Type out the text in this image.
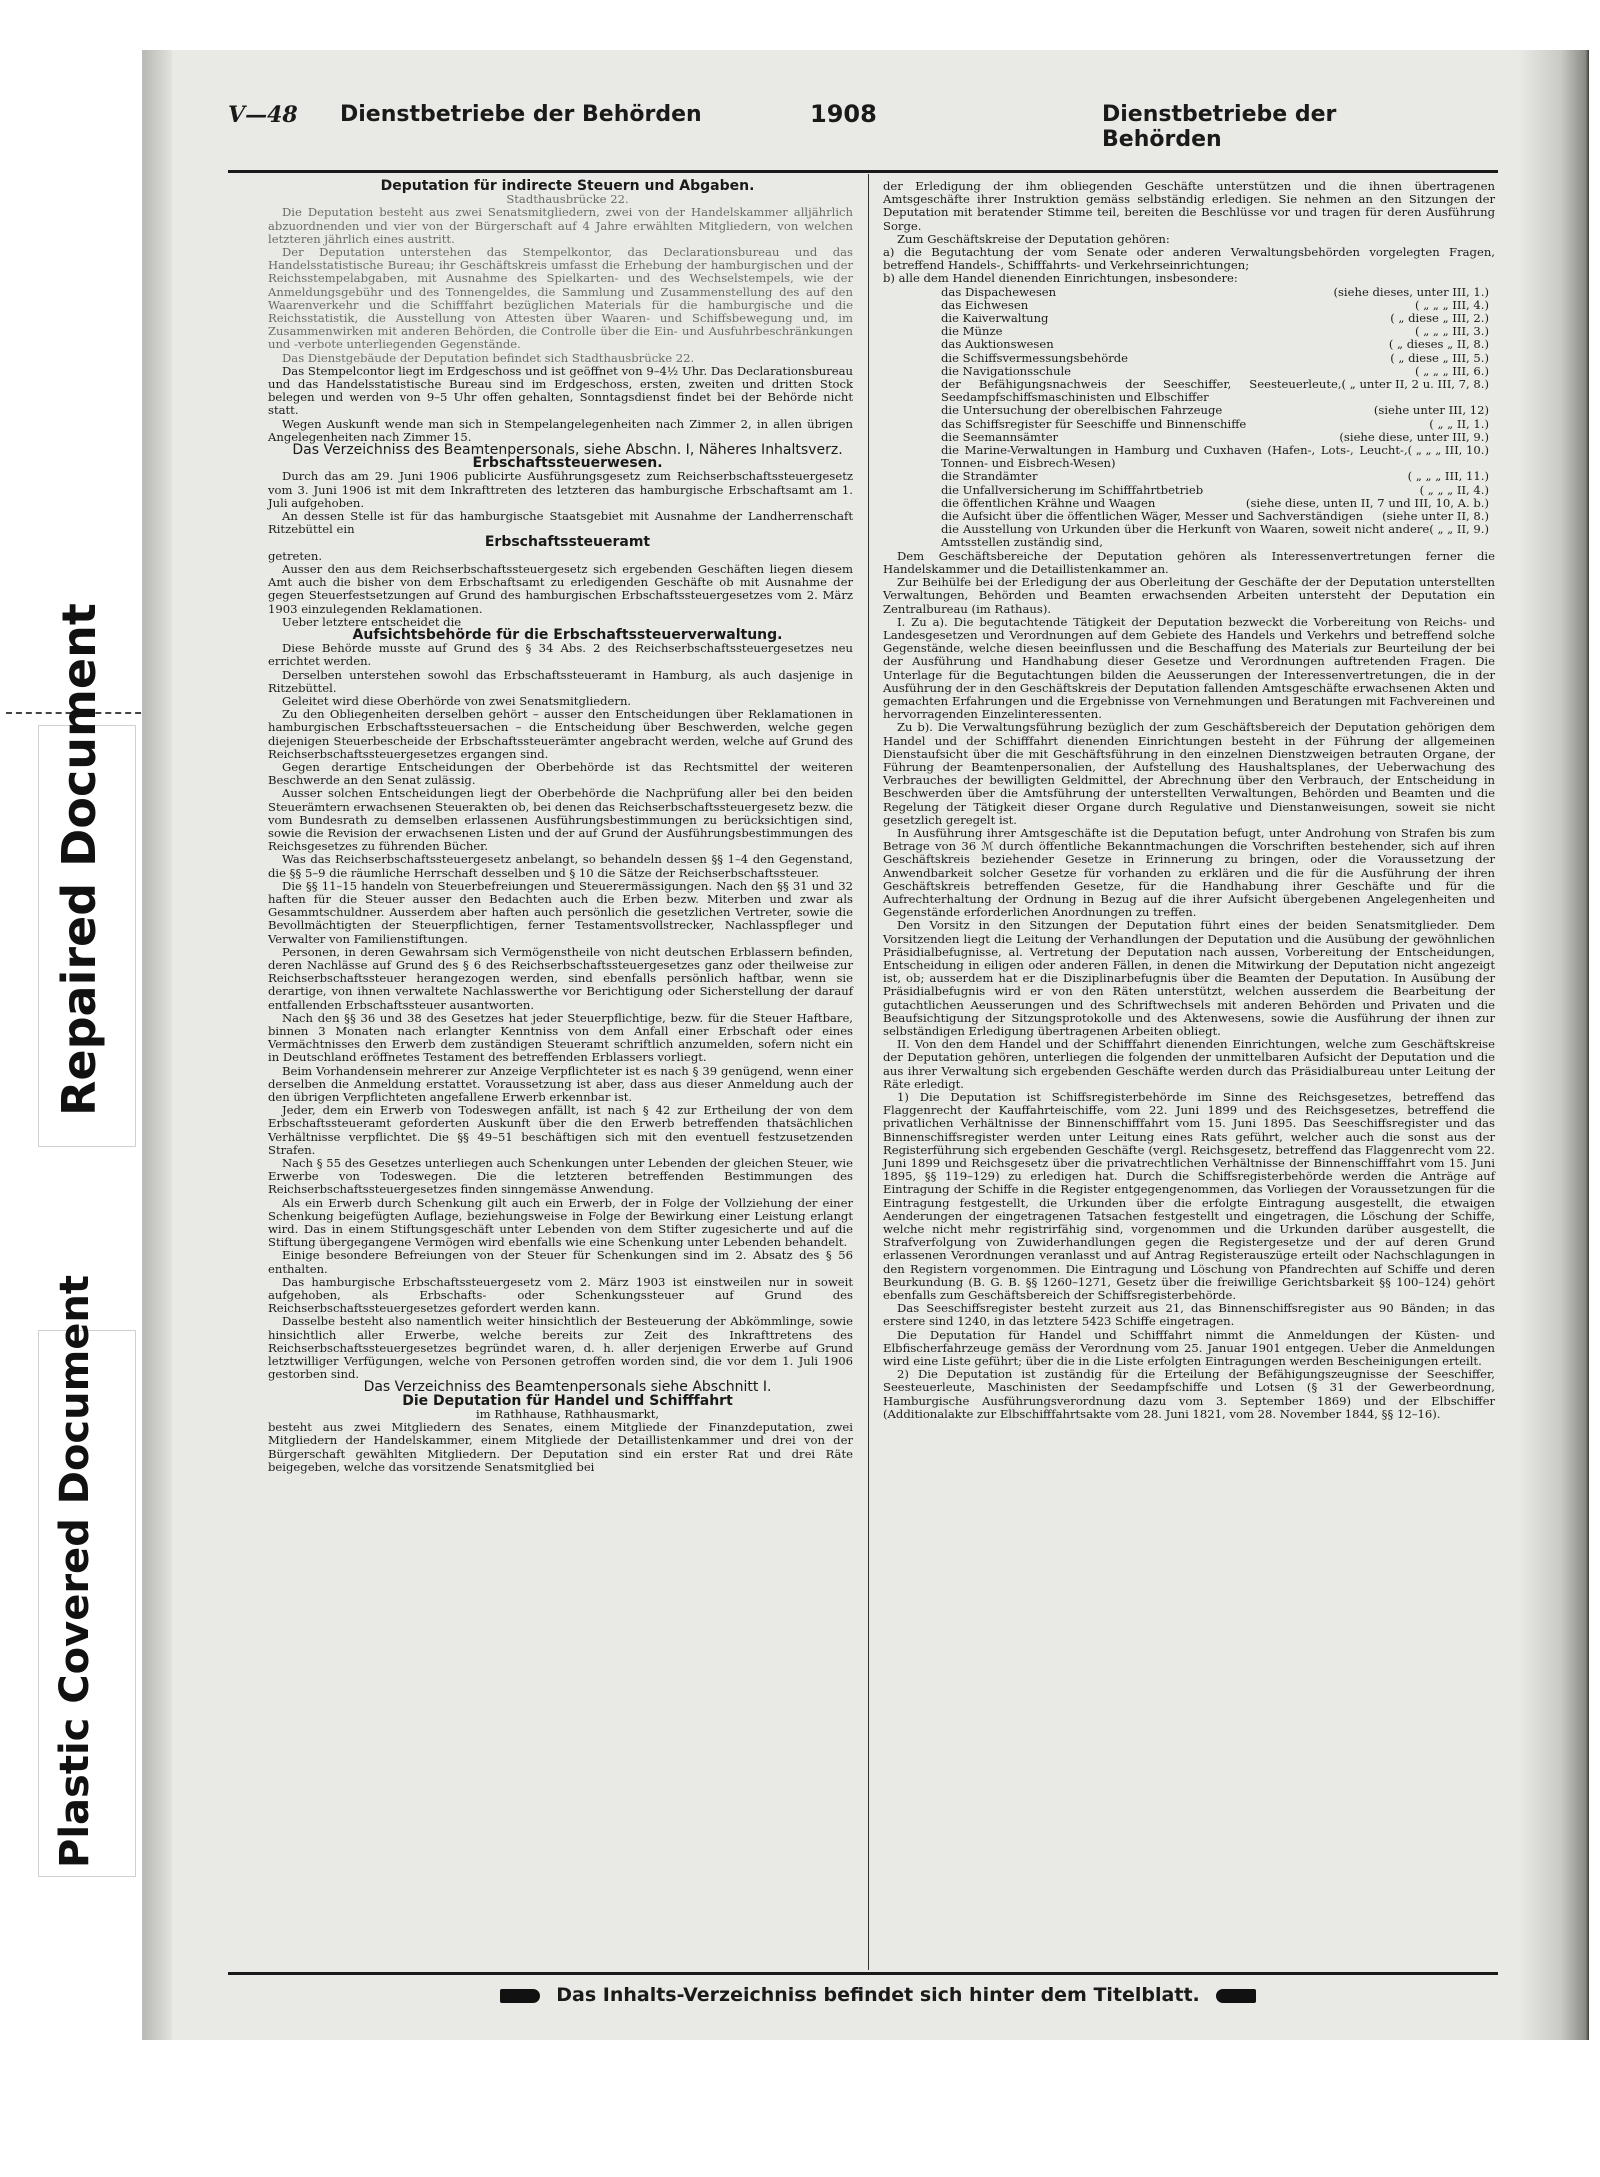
Repaired Document
Plastic Covered Document
V—48 Dienstbetriebe der Behörden	1908	Dienstbetriebe der Behörden

Deputation für indirecte Steuern und Abgaben.

Stadthausbrücke 22.

Die Deputation besteht aus zwei Senatsmitgliedern, zwei von der Handelskammer alljährlich abzuordnenden und vier von der Bürgerschaft auf 4 Jahre erwählten Mitgliedern, von welchen letzteren jährlich eines austritt.

Der Deputation unterstehen das Stempelkontor, das Declarationsbureau und das Handelsstatistische Bureau; ihr Geschäftskreis umfasst die Erhebung der hamburgischen und der Reichsstempelabgaben, mit Ausnahme des Spielkarten- und des Wechselstempels, wie der Anmeldungsgebühr und des Tonnengeldes, die Sammlung und Zusammenstellung des auf den Waarenverkehr und die Schifffahrt bezüglichen Materials für die hamburgische und die Reichsstatistik, die Ausstellung von Attesten über Waaren- und Schiffsbewegung und, im Zusammenwirken mit anderen Behörden, die Controlle über die Ein- und Ausfuhrbeschränkungen und -verbote unterliegenden Gegenstände.

Das Dienstgebäude der Deputation befindet sich Stadthausbrücke 22.

Das Stempelcontor liegt im Erdgeschoss und ist geöffnet von 9–4½ Uhr. Das Declarationsbureau und das Handelsstatistische Bureau sind im Erdgeschoss, ersten, zweiten und dritten Stock belegen und werden von 9–5 Uhr offen gehalten, Sonntagsdienst findet bei der Behörde nicht statt.

Wegen Auskunft wende man sich in Stempelangelegenheiten nach Zimmer 2, in allen übrigen Angelegenheiten nach Zimmer 15.

Das Verzeichniss des Beamtenpersonals, siehe Abschn. I, Näheres Inhaltsverz.

Erbschaftssteuerwesen.

Durch das am 29. Juni 1906 publicirte Ausführungsgesetz zum Reichserbschaftssteuergesetz vom 3. Juni 1906 ist mit dem Inkrafttreten des letzteren das hamburgische Erbschaftsamt am 1. Juli aufgehoben.

An dessen Stelle ist für das hamburgische Staatsgebiet mit Ausnahme der Landherrenschaft Ritzebüttel ein

Erbschaftssteueramt

getreten.

Ausser den aus dem Reichserbschaftssteuergesetz sich ergebenden Geschäften liegen diesem Amt auch die bisher von dem Erbschaftsamt zu erledigenden Geschäfte ob mit Ausnahme der gegen Steuerfestsetzungen auf Grund des hamburgischen Erbschaftssteuergesetzes vom 2. März 1903 einzulegenden Reklamationen.

Ueber letztere entscheidet die

Aufsichtsbehörde für die Erbschaftssteuerverwaltung.

Diese Behörde musste auf Grund des § 34 Abs. 2 des Reichserbschaftssteuergesetzes neu errichtet werden.

Derselben unterstehen sowohl das Erbschaftssteueramt in Hamburg, als auch dasjenige in Ritzebüttel.

Geleitet wird diese Oberhörde von zwei Senatsmitgliedern.

Zu den Obliegenheiten derselben gehört – ausser den Entscheidungen über Reklamationen in hamburgischen Erbschaftssteuersachen – die Entscheidung über Beschwerden, welche gegen diejenigen Steuerbescheide der Erbschaftssteuerämter angebracht werden, welche auf Grund des Reichserbschaftssteuergesetzes ergangen sind.

Gegen derartige Entscheidungen der Oberbehörde ist das Rechtsmittel der weiteren Beschwerde an den Senat zulässig.

Ausser solchen Entscheidungen liegt der Oberbehörde die Nachprüfung aller bei den beiden Steuerämtern erwachsenen Steuerakten ob, bei denen das Reichserbschaftssteuergesetz bezw. die vom Bundesrath zu demselben erlassenen Ausführungsbestimmungen zu berücksichtigen sind, sowie die Revision der erwachsenen Listen und der auf Grund der Ausführungsbestimmungen des Reichsgesetzes zu führenden Bücher.

Was das Reichserbschaftssteuergesetz anbelangt, so behandeln dessen §§ 1–4 den Gegenstand, die §§ 5–9 die räumliche Herrschaft desselben und § 10 die Sätze der Reichserbschaftssteuer.

Die §§ 11–15 handeln von Steuerbefreiungen und Steuerermässigungen. Nach den §§ 31 und 32 haften für die Steuer ausser den Bedachten auch die Erben bezw. Miterben und zwar als Gesammtschuldner. Ausserdem aber haften auch persönlich die gesetzlichen Vertreter, sowie die Bevollmächtigten der Steuerpflichtigen, ferner Testamentsvollstrecker, Nachlasspfleger und Verwalter von Familienstiftungen.

Personen, in deren Gewahrsam sich Vermögenstheile von nicht deutschen Erblassern befinden, deren Nachlässe auf Grund des § 6 des Reichserbschaftssteuergesetzes ganz oder theilweise zur Reichserbschaftssteuer herangezogen werden, sind ebenfalls persönlich haftbar, wenn sie derartige, von ihnen verwaltete Nachlasswerthe vor Berichtigung oder Sicherstellung der darauf entfallenden Erbschaftssteuer ausantworten.

Nach den §§ 36 und 38 des Gesetzes hat jeder Steuerpflichtige, bezw. für die Steuer Haftbare, binnen 3 Monaten nach erlangter Kenntniss von dem Anfall einer Erbschaft oder eines Vermächtnisses den Erwerb dem zuständigen Steueramt schriftlich anzumelden, sofern nicht ein in Deutschland eröffnetes Testament des betreffenden Erblassers vorliegt.

Beim Vorhandensein mehrerer zur Anzeige Verpflichteter ist es nach § 39 genügend, wenn einer derselben die Anmeldung erstattet. Voraussetzung ist aber, dass aus dieser Anmeldung auch der den übrigen Verpflichteten angefallene Erwerb erkennbar ist.

Jeder, dem ein Erwerb von Todeswegen anfällt, ist nach § 42 zur Ertheilung der von dem Erbschaftssteueramt geforderten Auskunft über die den Erwerb betreffenden thatsächlichen Verhältnisse verpflichtet. Die §§ 49–51 beschäftigen sich mit den eventuell festzusetzenden Strafen.

Nach § 55 des Gesetzes unterliegen auch Schenkungen unter Lebenden der gleichen Steuer, wie Erwerbe von Todeswegen. Die die letzteren betreffenden Bestimmungen des Reichserbschaftssteuergesetzes finden sinngemässe Anwendung.

Als ein Erwerb durch Schenkung gilt auch ein Erwerb, der in Folge der Vollziehung der einer Schenkung beigefügten Auflage, beziehungsweise in Folge der Bewirkung einer Leistung erlangt wird. Das in einem Stiftungsgeschäft unter Lebenden von dem Stifter zugesicherte und auf die Stiftung übergegangene Vermögen wird ebenfalls wie eine Schenkung unter Lebenden behandelt.

Einige besondere Befreiungen von der Steuer für Schenkungen sind im 2. Absatz des § 56 enthalten.

Das hamburgische Erbschaftssteuergesetz vom 2. März 1903 ist einstweilen nur in soweit aufgehoben, als Erbschafts- oder Schenkungssteuer auf Grund des Reichserbschaftssteuergesetzes gefordert werden kann.

Dasselbe besteht also namentlich weiter hinsichtlich der Besteuerung der Abkömmlinge, sowie hinsichtlich aller Erwerbe, welche bereits zur Zeit des Inkrafttretens des Reichserbschaftssteuergesetzes begründet waren, d. h. aller derjenigen Erwerbe auf Grund letztwilliger Verfügungen, welche von Personen getroffen worden sind, die vor dem 1. Juli 1906 gestorben sind.

Das Verzeichniss des Beamtenpersonals siehe Abschnitt I.

Die Deputation für Handel und Schifffahrt

im Rathhause, Rathhausmarkt,

besteht aus zwei Mitgliedern des Senates, einem Mitgliede der Finanzdeputation, zwei Mitgliedern der Handelskammer, einem Mitgliede der Detaillistenkammer und drei von der Bürgerschaft gewählten Mitgliedern. Der Deputation sind ein erster Rat und drei Räte beigegeben, welche das vorsitzende Senatsmitglied bei

der Erledigung der ihm obliegenden Geschäfte unterstützen und die ihnen übertragenen Amtsgeschäfte ihrer Instruktion gemäss selbständig erledigen. Sie nehmen an den Sitzungen der Deputation mit beratender Stimme teil, bereiten die Beschlüsse vor und tragen für deren Ausführung Sorge.

Zum Geschäftskreise der Deputation gehören:

a) die Begutachtung der vom Senate oder anderen Verwaltungsbehörden vorgelegten Fragen, betreffend Handels-, Schifffahrts- und Verkehrseinrichtungen;

b) alle dem Handel dienenden Einrichtungen, insbesondere:

das Dispachewesen	(siehe dieses, unter III, 1.)
das Eichwesen	( „ „ „ III, 4.)
die Kaiverwaltung	( „ diese „ III, 2.)
die Münze	( „ „ „ III, 3.)
das Auktionswesen	( „ dieses „ II, 8.)
die Schiffsvermessungsbehörde	( „ diese „ III, 5.)
die Navigationsschule	( „ „ „ III, 6.)
der Befähigungsnachweis der Seeschiffer, Seesteuerleute, Seedampfschiffsmaschinisten und Elbschiffer
( „ unter II, 2 u. III, 7, 8.)
die Untersuchung der oberelbischen Fahrzeuge	(siehe unter III, 12)
das Schiffsregister für Seeschiffe und Binnenschiffe	( „ „ II, 1.)
die Seemannsämter	(siehe diese, unter III, 9.)
die Marine-Verwaltungen in Hamburg und Cuxhaven (Hafen-, Lots-, Leucht-, Tonnen- und Eisbrech-Wesen)
( „ „ „ III, 10.)
die Strandämter	( „ „ „ III, 11.)
die Unfallversicherung im Schifffahrtbetrieb	( „ „ „ II, 4.)
die öffentlichen Krähne und Waagen	(siehe diese, unten II, 7 und III, 10, A. b.)
die Aufsicht über die öffentlichen Wäger, Messer und Sachverständigen (siehe unter II, 8.)
die Ausstellung von Urkunden über die Herkunft von Waaren, soweit nicht andere Amtsstellen zuständig sind,
( „ „ II, 9.)

Dem Geschäftsbereiche der Deputation gehören als Interessenvertretungen ferner die Handelskammer und die Detaillistenkammer an.

Zur Beihülfe bei der Erledigung der aus Oberleitung der Geschäfte der der Deputation unterstellten Verwaltungen, Behörden und Beamten erwachsenden Arbeiten untersteht der Deputation ein Zentralbureau (im Rathaus).

I. Zu a). Die begutachtende Tätigkeit der Deputation bezweckt die Vorbereitung von Reichs- und Landesgesetzen und Verordnungen auf dem Gebiete des Handels und Verkehrs und betreffend solche Gegenstände, welche diesen beeinflussen und die Beschaffung des Materials zur Beurteilung der bei der Ausführung und Handhabung dieser Gesetze und Verordnungen auftretenden Fragen. Die Unterlage für die Begutachtungen bilden die Aeusserungen der Interessenvertretungen, die in der Ausführung der in den Geschäftskreis der Deputation fallenden Amtsgeschäfte erwachsenen Akten und gemachten Erfahrungen und die Ergebnisse von Vernehmungen und Beratungen mit Fachvereinen und hervorragenden Einzelinteressenten.

Zu b). Die Verwaltungsführung bezüglich der zum Geschäftsbereich der Deputation gehörigen dem Handel und der Schifffahrt dienenden Einrichtungen besteht in der Führung der allgemeinen Dienstaufsicht über die mit Geschäftsführung in den einzelnen Dienstzweigen betrauten Organe, der Führung der Beamtenpersonalien, der Aufstellung des Haushaltsplanes, der Ueberwachung des Verbrauches der bewilligten Geldmittel, der Abrechnung über den Verbrauch, der Entscheidung in Beschwerden über die Amtsführung der unterstellten Verwaltungen, Behörden und Beamten und die Regelung der Tätigkeit dieser Organe durch Regulative und Dienstanweisungen, soweit sie nicht gesetzlich geregelt ist.

In Ausführung ihrer Amtsgeschäfte ist die Deputation befugt, unter Androhung von Strafen bis zum Betrage von 36 ℳ durch öffentliche Bekanntmachungen die Vorschriften bestehender, sich auf ihren Geschäftskreis beziehender Gesetze in Erinnerung zu bringen, oder die Voraussetzung der Anwendbarkeit solcher Gesetze für vorhanden zu erklären und die für die Ausführung der ihren Geschäftskreis betreffenden Gesetze, für die Handhabung ihrer Geschäfte und für die Aufrechterhaltung der Ordnung in Bezug auf die ihrer Aufsicht übergebenen Angelegenheiten und Gegenstände erforderlichen Anordnungen zu treffen.

Den Vorsitz in den Sitzungen der Deputation führt eines der beiden Senatsmitglieder. Dem Vorsitzenden liegt die Leitung der Verhandlungen der Deputation und die Ausübung der gewöhnlichen Präsidialbefugnisse, al. Vertretung der Deputation nach aussen, Vorbereitung der Entscheidungen, Entscheidung in eiligen oder anderen Fällen, in denen die Mitwirkung der Deputation nicht angezeigt ist, ob; ausserdem hat er die Disziplinarbefugnis über die Beamten der Deputation. In Ausübung der Präsidialbefugnis wird er von den Räten unterstützt, welchen ausserdem die Bearbeitung der gutachtlichen Aeusserungen und des Schriftwechsels mit anderen Behörden und Privaten und die Beaufsichtigung der Sitzungsprotokolle und des Aktenwesens, sowie die Ausführung der ihnen zur selbständigen Erledigung übertragenen Arbeiten obliegt.

II. Von den dem Handel und der Schifffahrt dienenden Einrichtungen, welche zum Geschäftskreise der Deputation gehören, unterliegen die folgenden der unmittelbaren Aufsicht der Deputation und die aus ihrer Verwaltung sich ergebenden Geschäfte werden durch das Präsidialbureau unter Leitung der Räte erledigt.

1) Die Deputation ist Schiffsregisterbehörde im Sinne des Reichsgesetzes, betreffend das Flaggenrecht der Kauffahrteischiffe, vom 22. Juni 1899 und des Reichsgesetzes, betreffend die privatlichen Verhältnisse der Binnenschifffahrt vom 15. Juni 1895. Das Seeschiffsregister und das Binnenschiffsregister werden unter Leitung eines Rats geführt, welcher auch die sonst aus der Registerführung sich ergebenden Geschäfte (vergl. Reichsgesetz, betreffend das Flaggenrecht vom 22. Juni 1899 und Reichsgesetz über die privatrechtlichen Verhältnisse der Binnenschifffahrt vom 15. Juni 1895, §§ 119–129) zu erledigen hat. Durch die Schiffsregisterbehörde werden die Anträge auf Eintragung der Schiffe in die Register entgegengenommen, das Vorliegen der Voraussetzungen für die Eintragung festgestellt, die Urkunden über die erfolgte Eintragung ausgestellt, die etwaigen Aenderungen der eingetragenen Tatsachen festgestellt und eingetragen, die Löschung der Schiffe, welche nicht mehr registrirfähig sind, vorgenommen und die Urkunden darüber ausgestellt, die Strafverfolgung von Zuwiderhandlungen gegen die Registergesetze und der auf deren Grund erlassenen Verordnungen veranlasst und auf Antrag Registerauszüge erteilt oder Nachschlagungen in den Registern vorgenommen. Die Eintragung und Löschung von Pfandrechten auf Schiffe und deren Beurkundung (B. G. B. §§ 1260–1271, Gesetz über die freiwillige Gerichtsbarkeit §§ 100–124) gehört ebenfalls zum Geschäftsbereich der Schiffsregisterbehörde.

Das Seeschiffsregister besteht zurzeit aus 21, das Binnenschiffsregister aus 90 Bänden; in das erstere sind 1240, in das letztere 5423 Schiffe eingetragen.

Die Deputation für Handel und Schifffahrt nimmt die Anmeldungen der Küsten- und Elbfischerfahrzeuge gemäss der Verordnung vom 25. Januar 1901 entgegen. Ueber die Anmeldungen wird eine Liste geführt; über die in die Liste erfolgten Eintragungen werden Bescheinigungen erteilt.

2) Die Deputation ist zuständig für die Erteilung der Befähigungszeugnisse der Seeschiffer, Seesteuerleute, Maschinisten der Seedampfschiffe und Lotsen (§ 31 der Gewerbeordnung, Hamburgische Ausführungsverordnung dazu vom 3. September 1869) und der Elbschiffer (Additionalakte zur Elbschifffahrtsakte vom 28. Juni 1821, vom 28. November 1844, §§ 12–16).

Das Inhalts-Verzeichniss befindet sich hinter dem Titelblatt.
